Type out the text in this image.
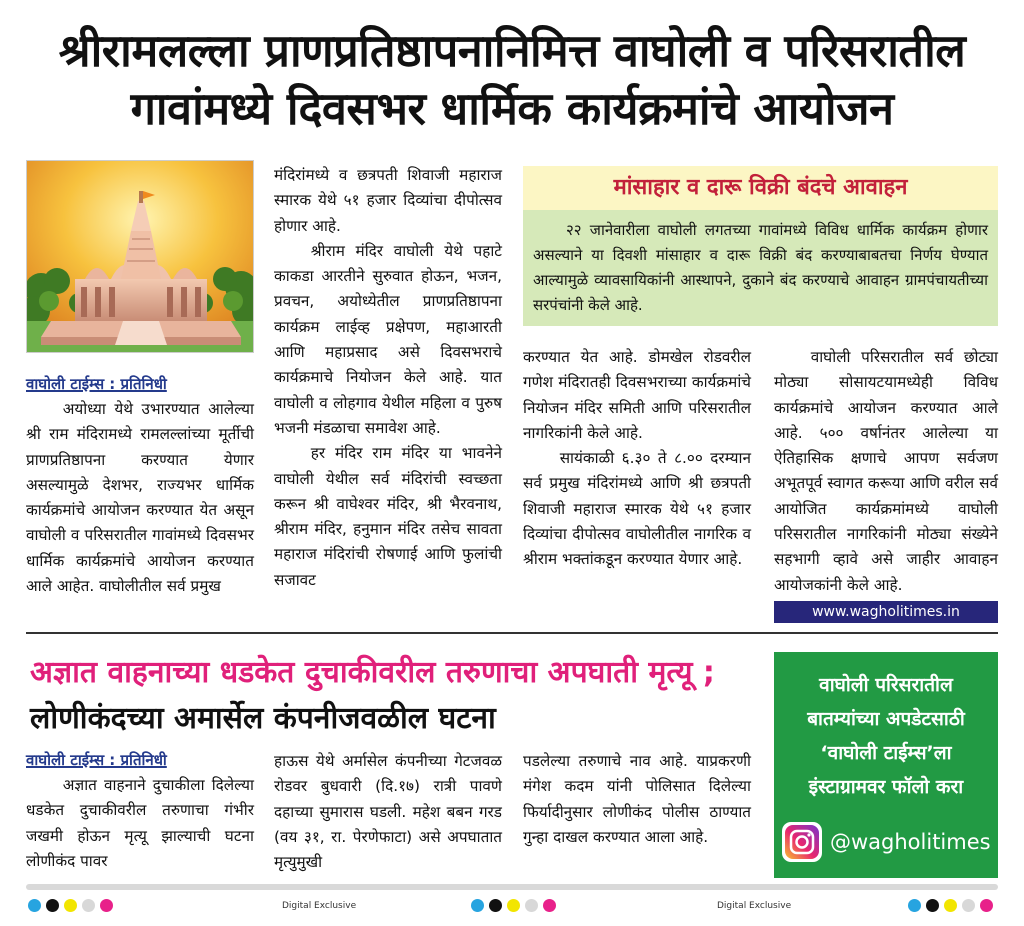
श्रीरामलल्ला प्राणप्रतिष्ठापनानिमित्त वाघोली व परिसरातील
गावांमध्ये दिवसभर धार्मिक कार्यक्रमांचे आयोजन
वाघोली टाईम्स : प्रतिनिधी

अयोध्या येथे उभारण्यात आलेल्या श्री राम मंदिरामध्ये रामलल्लांच्या मूर्तीची प्राणप्रतिष्ठापना करण्यात येणार असल्यामुळे देशभर, राज्यभर धार्मिक कार्यक्रमांचे आयोजन करण्यात येत असून वाघोली व परिसरातील गावांमध्ये दिवसभर धार्मिक कार्यक्रमांचे आयोजन करण्यात आले आहेत. वाघोलीतील सर्व प्रमुख

मंदिरांमध्ये व छत्रपती शिवाजी महाराज स्मारक येथे ५१ हजार दिव्यांचा दीपोत्सव होणार आहे.

श्रीराम मंदिर वाघोली येथे पहाटे काकडा आरतीने सुरुवात होऊन, भजन, प्रवचन, अयोध्येतील प्राणप्रतिष्ठापना कार्यक्रम लाईव्ह प्रक्षेपण, महाआरती आणि महाप्रसाद असे दिवसभराचे कार्यक्रमाचे नियोजन केले आहे. यात वाघोली व लोहगाव येथील महिला व पुरुष भजनी मंडळाचा समावेश आहे.

हर मंदिर राम मंदिर या भावनेने वाघोली येथील सर्व मंदिरांची स्वच्छता करून श्री वाघेश्वर मंदिर, श्री भैरवनाथ, श्रीराम मंदिर, हनुमान मंदिर तसेच सावता महाराज मंदिरांची रोषणाई आणि फुलांची सजावट

मांसाहार व दारू विक्री बंदचे आवाहन

२२ जानेवारीला वाघोली लगतच्या गावांमध्ये विविध धार्मिक कार्यक्रम होणार असल्याने या दिवशी मांसाहार व दारू विक्री बंद करण्याबाबतचा निर्णय घेण्यात आल्यामुळे व्यावसायिकांनी आस्थापने, दुकाने बंद करण्याचे आवाहन ग्रामपंचायतीच्या सरपंचांनी केले आहे.

करण्यात येत आहे. डोमखेल रोडवरील गणेश मंदिरातही दिवसभराच्या कार्यक्रमांचे नियोजन मंदिर समिती आणि परिसरातील नागरिकांनी केले आहे.

सायंकाळी ६.३० ते ८.०० दरम्यान सर्व प्रमुख मंदिरांमध्ये आणि श्री छत्रपती शिवाजी महाराज स्मारक येथे ५१ हजार दिव्यांचा दीपोत्सव वाघोलीतील नागरिक व श्रीराम भक्तांकडून करण्यात येणार आहे.

वाघोली परिसरातील सर्व छोट्या मोठ्या सोसायटयामध्येही विविध कार्यक्रमांचे आयोजन करण्यात आले आहे. ५०० वर्षानंतर आलेल्या या ऐतिहासिक क्षणाचे आपण सर्वजण अभूतपूर्व स्वागत करूया आणि वरील सर्व आयोजित कार्यक्रमांमध्ये वाघोली परिसरातील नागरिकांनी मोठ्या संख्येने सहभागी व्हावे असे जाहीर आवाहन आयोजकांनी केले आहे.

www.wagholitimes.in
अज्ञात वाहनाच्या धडकेत दुचाकीवरील तरुणाचा अपघाती मृत्यू ; लोणीकंदच्या अमार्सेल कंपनीजवळील घटना
वाघोली टाईम्स : प्रतिनिधी

अज्ञात वाहनाने दुचाकीला दिलेल्या धडकेत दुचाकीवरील तरुणाचा गंभीर जखमी होऊन मृत्यू झाल्याची घटना लोणीकंद पावर

हाऊस येथे अर्मासेल कंपनीच्या गेटजवळ रोडवर बुधवारी (दि.१७) रात्री पावणे दहाच्या सुमारास घडली. महेश बबन गरड (वय ३१, रा. पेरणेफाटा) असे अपघातात मृत्युमुखी

पडलेल्या तरुणाचे नाव आहे. याप्रकरणी मंगेश कदम यांनी पोलिसात दिलेल्या फिर्यादीनुसार लोणीकंद पोलीस ठाण्यात गुन्हा दाखल करण्यात आला आहे.

वाघोली परिसरातील
बातम्यांच्या अपडेटसाठी
‘वाघोली टाईम्स’ला
इंस्टाग्रामवर फॉलो करा
@wagholitimes
Digital Exclusive	Digital Exclusive
